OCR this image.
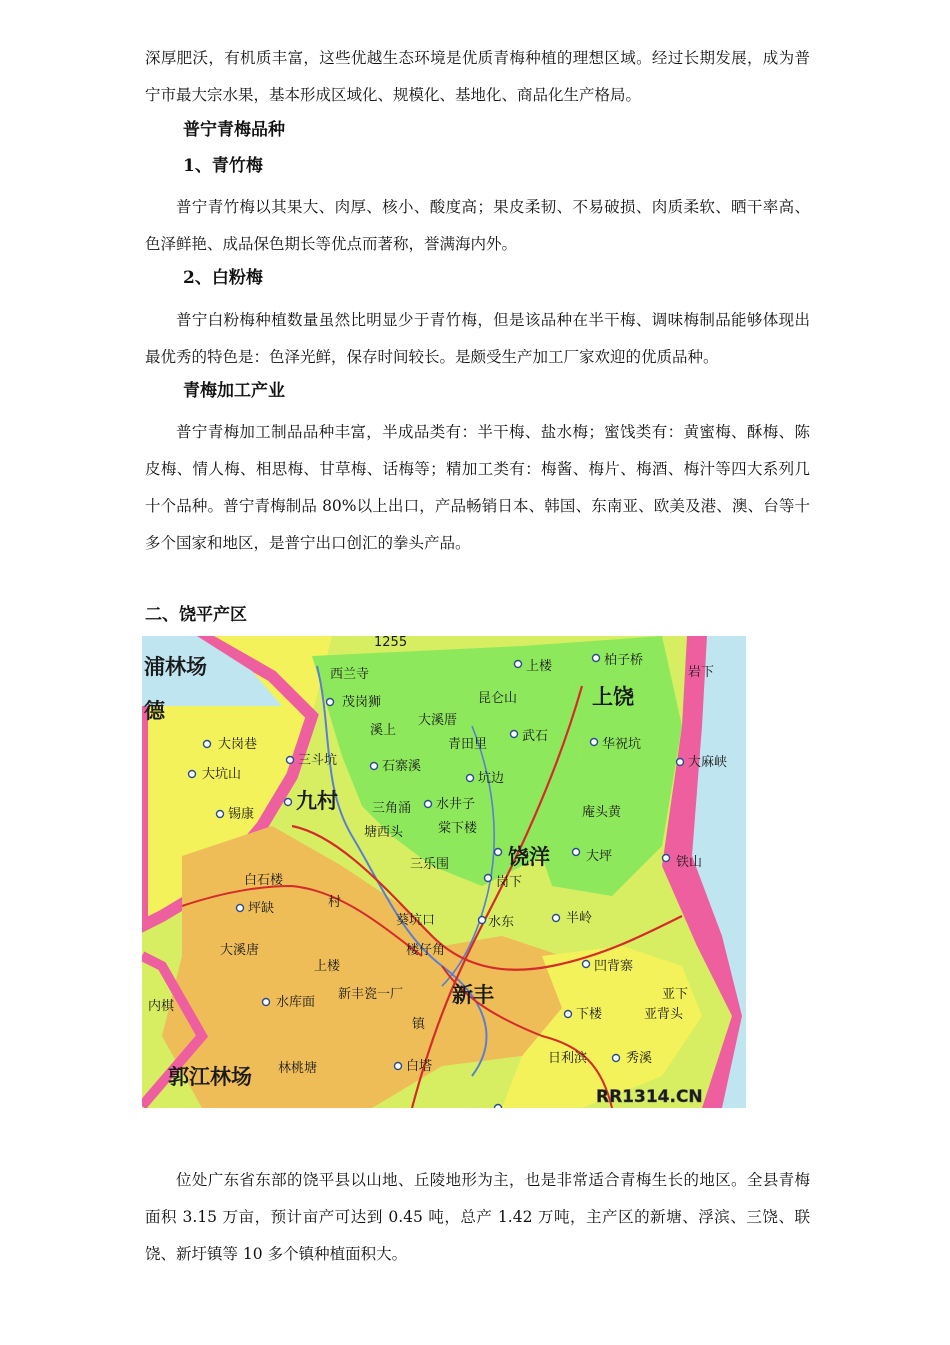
深厚肥沃，有机质丰富，这些优越生态环境是优质青梅种植的理想区域。经过长期发展，成为普宁市最大宗水果，基本形成区域化、规模化、基地化、商品化生产格局。

普宁青梅品种
1、青竹梅

普宁青竹梅以其果大、肉厚、核小、酸度高；果皮柔韧、不易破损、肉质柔软、晒干率高、色泽鲜艳、成品保色期长等优点而著称，誉满海内外。

2、白粉梅

普宁白粉梅种植数量虽然比明显少于青竹梅，但是该品种在半干梅、调味梅制品能够体现出最优秀的特色是：色泽光鲜，保存时间较长。是颇受生产加工厂家欢迎的优质品种。

青梅加工产业

普宁青梅加工制品品种丰富，半成品类有：半干梅、盐水梅；蜜饯类有：黄蜜梅、酥梅、陈皮梅、情人梅、相思梅、甘草梅、话梅等；精加工类有：梅酱、梅片、梅酒、梅汁等四大系列几十个品种。普宁青梅制品 80%以上出口，产品畅销日本、韩国、东南亚、欧美及港、澳、台等十多个国家和地区，是普宁出口创汇的拳头产品。

二、饶平产区
浦林场
德
西兰寺
茂岗狮
溪上
大溪厝
青田里
昆仑山
上楼	柏子桥
岩下
上饶
武石
华祝坑
大麻峡
大岗巷
三斗坑
大坑山
石寨溪
坑边
锡康
九村	三角涌 水井子
塘西头	棠下楼
庵头黄
饶洋	大坪	铁山
三乐围
岗下
白石楼
坪缺	村
葵坑口	水东	半岭
大溪唐	楼仔角
凹背寨
上楼
亚下
新丰瓷一厂 新丰
内棋	水库面
下楼	亚背头
镇
日利滨	秀溪
郭江林场 林桃塘	白塔
1255
RR1314.CN

位处广东省东部的饶平县以山地、丘陵地形为主，也是非常适合青梅生长的地区。全县青梅面积 3.15 万亩，预计亩产可达到 0.45 吨，总产 1.42 万吨，主产区的新塘、浮滨、三饶、联饶、新圩镇等 10 多个镇种植面积大。
